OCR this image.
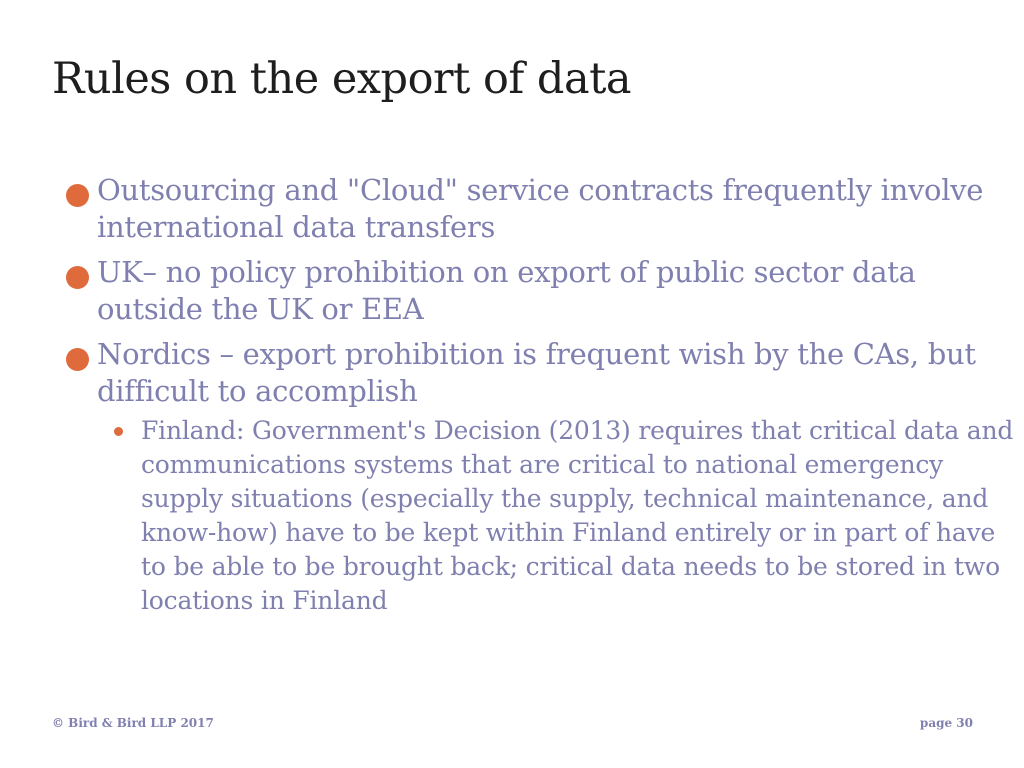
Rules on the export of data
Outsourcing and "Cloud" service contracts frequently involve international data transfers
UK– no policy prohibition on export of public sector data outside the UK or EEA
Nordics – export prohibition is frequent wish by the CAs, but difficult to accomplish
Finland: Government's Decision (2013) requires that critical data and communications systems that are critical to national emergency supply situations (especially the supply, technical maintenance, and know-how) have to be kept within Finland entirely or in part of have to be able to be brought back; critical data needs to be stored in two locations in Finland
© Bird & Bird LLP 2017	page 30
